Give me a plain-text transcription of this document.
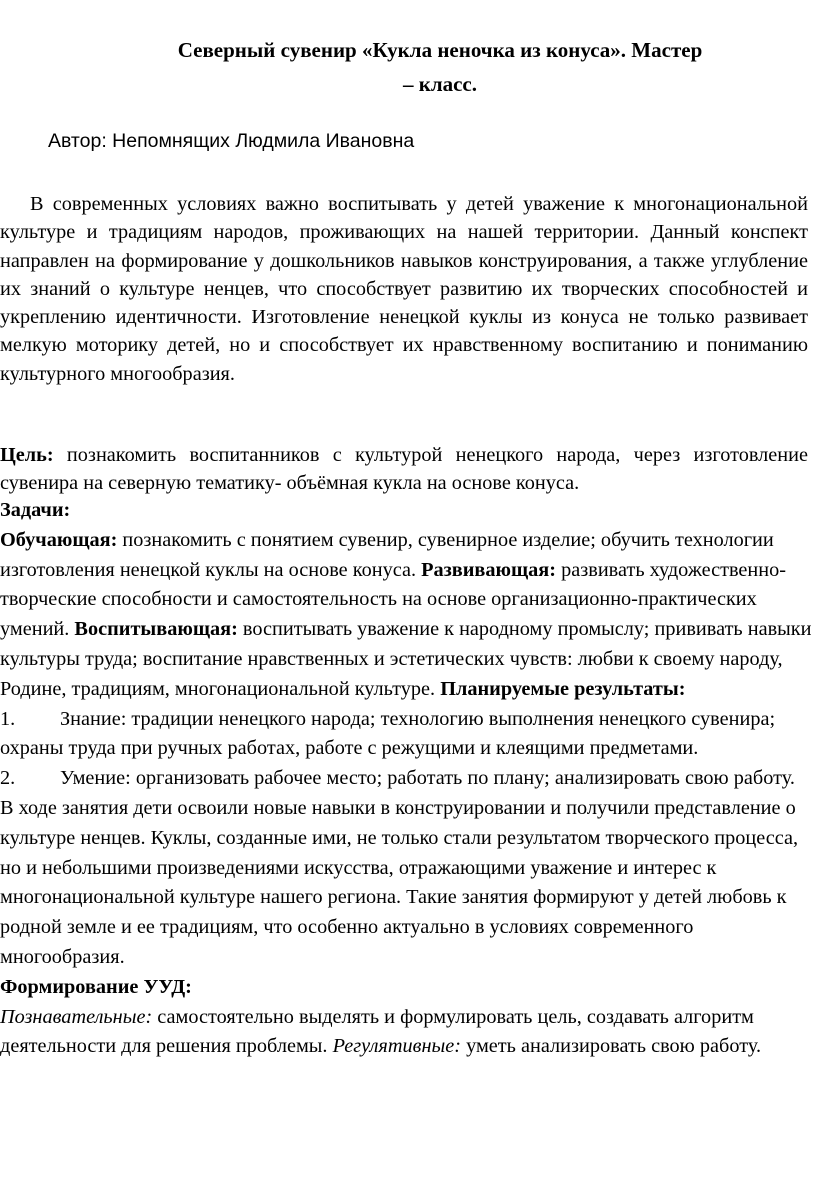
Северный сувенир «Кукла неночка из конуса». Мастер
– класс.
Автор: Непомнящих Людмила Ивановна

В современных условиях важно воспитывать у детей уважение к многонациональной культуре и традициям народов, проживающих на нашей территории. Данный конспект направлен на формирование у дошкольников навыков конструирования, а также углубление их знаний о культуре ненцев, что способствует развитию их творческих способностей и укреплению идентичности. Изготовление ненецкой куклы из конуса не только развивает мелкую моторику детей, но и способствует их нравственному воспитанию и пониманию культурного многообразия.

Цель: познакомить воспитанников с культурой ненецкого народа, через изготовление сувенира на северную тематику- объёмная кукла на основе конуса.

Задачи:

Обучающая: познакомить с понятием сувенир, сувенирное изделие; обучить технологии изготовления ненецкой куклы на основе конуса. Развивающая: развивать художественно-творческие способности и самостоятельность на основе организационно-практических умений. Воспитывающая: воспитывать уважение к народному промыслу; прививать навыки культуры труда; воспитание нравственных и эстетических чувств: любви к своему народу, Родине, традициям, многонациональной культуре. Планируемые результаты:

1. Знание: традиции ненецкого народа; технологию выполнения ненецкого сувенира; охраны труда при ручных работах, работе с режущими и клеящими предметами.

2. Умение: организовать рабочее место; работать по плану; анализировать свою работу.

В ходе занятия дети освоили новые навыки в конструировании и получили представление о культуре ненцев. Куклы, созданные ими, не только стали результатом творческого процесса, но и небольшими произведениями искусства, отражающими уважение и интерес к многонациональной культуре нашего региона. Такие занятия формируют у детей любовь к родной земле и ее традициям, что особенно актуально в условиях современного многообразия.

Формирование УУД:

Познавательные: самостоятельно выделять и формулировать цель, создавать алгоритм деятельности для решения проблемы. Регулятивные: уметь анализировать свою работу.
